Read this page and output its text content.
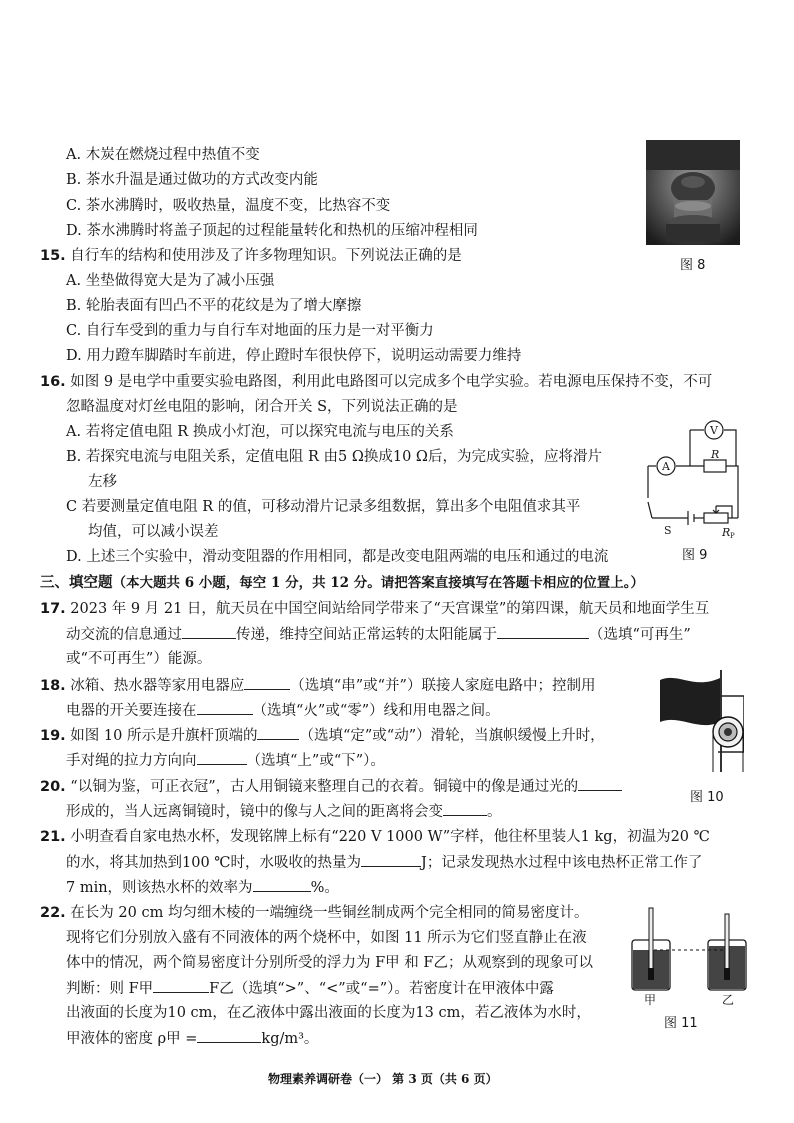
A. 木炭在燃烧过程中热值不变
B. 茶水升温是通过做功的方式改变内能
C. 茶水沸腾时，吸收热量，温度不变，比热容不变
D. 茶水沸腾时将盖子顶起的过程能量转化和热机的压缩冲程相同
图 8
15. 自行车的结构和使用涉及了许多物理知识。下列说法正确的是
A. 坐垫做得宽大是为了减小压强
B. 轮胎表面有凹凸不平的花纹是为了增大摩擦
C. 自行车受到的重力与自行车对地面的压力是一对平衡力
D. 用力蹬车脚踏时车前进，停止蹬时车很快停下，说明运动需要力维持
16. 如图 9 是电学中重要实验电路图，利用此电路图可以完成多个电学实验。若电源电压保持不变，不可
忽略温度对灯丝电阻的影响，闭合开关 S，下列说法正确的是
A. 若将定值电阻 R 换成小灯泡，可以探究电流与电压的关系
B. 若探究电流与电阻关系，定值电阻 R 由5 Ω换成10 Ω后，为完成实验，应将滑片
左移
C 若要测量定值电阻 R 的值，可移动滑片记录多组数据，算出多个电阻值求其平
均值，可以减小误差
D. 上述三个实验中，滑动变阻器的作用相同，都是改变电阻两端的电压和通过的电流
V
A
R
S	R P
图 9
三、填空题（本大题共 6 小题，每空 1 分，共 12 分。请把答案直接填写在答题卡相应的位置上。）
17. 2023 年 9 月 21 日，航天员在中国空间站给同学带来了“天宫课堂”的第四课，航天员和地面学生互
动交流的信息通过	传递，维持空间站正常运转的太阳能属于	（选填“可再生”
或“不可再生”）能源。
18. 冰箱、热水器等家用电器应	（选填“串”或“并”）联接人家庭电路中；控制用
电器的开关要连接在	（选填“火”或“零”）线和用电器之间。
图 10
19. 如图 10 所示是升旗杆顶端的	（选填“定”或“动”）滑轮，当旗帜缓慢上升时，
手对绳的拉力方向向	（选填“上”或“下”）。
20. “以铜为鉴，可正衣冠”，古人用铜镜来整理自己的衣着。铜镜中的像是通过光的
形成的，当人远离铜镜时，镜中的像与人之间的距离将会变	。
21. 小明查看自家电热水杯，发现铭牌上标有“220 V 1000 W”字样，他往杯里装人1 kg，初温为20 ℃
的水，将其加热到100 ℃时，水吸收的热量为	J；记录发现热水过程中该电热杯正常工作了
7 min，则该热水杯的效率为	%。
22. 在长为 20 cm 均匀细木棱的一端缠绕一些铜丝制成两个完全相同的简易密度计。
现将它们分别放入盛有不同液体的两个烧杯中，如图 11 所示为它们竖直静止在液
体中的情况，两个简易密度计分别所受的浮力为 F甲 和 F乙；从观察到的现象可以
判断：则 F甲	F乙（选填“>”、“<”或“=”）。若密度计在甲液体中露
出液面的长度为10 cm，在乙液体中露出液面的长度为13 cm，若乙液体为水时，
甲液体的密度 ρ甲 =	kg/m³。
甲	乙
图 11
物理素养调研卷（一） 第 3 页（共 6 页）
